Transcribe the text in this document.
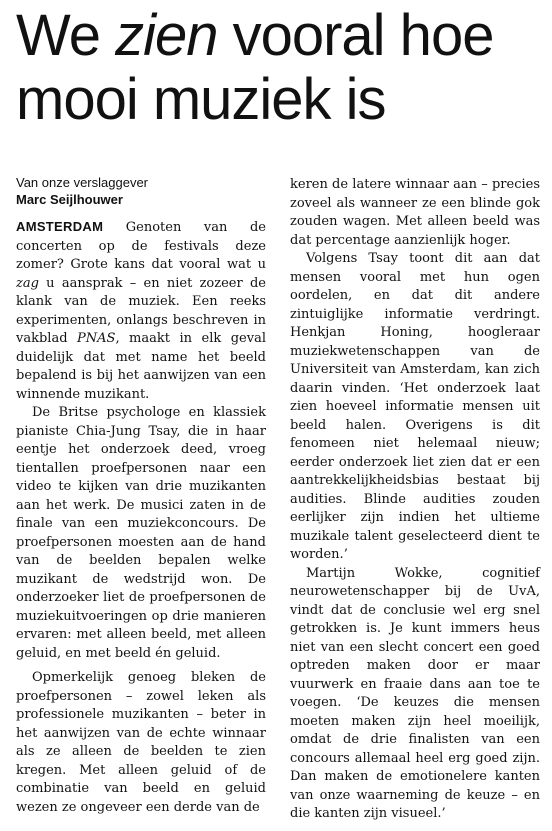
We zien vooral hoe mooi muziek is
Van onze verslaggever
Marc Seijlhouwer

AMSTERDAM Genoten van de concerten op de festivals deze zomer? Grote kans dat vooral wat u zag u aansprak – en niet zozeer de klank van de muziek. Een reeks experimenten, onlangs beschreven in vakblad PNAS, maakt in elk geval duidelijk dat met name het beeld bepalend is bij het aanwijzen van een winnende muzikant.

De Britse psychologe en klassiek pianiste Chia-Jung Tsay, die in haar eentje het onderzoek deed, vroeg tientallen proefpersonen naar een video te kijken van drie muzikanten aan het werk. De musici zaten in de finale van een muziekconcours. De proefpersonen moesten aan de hand van de beelden bepalen welke muzikant de wedstrijd won. De onderzoeker liet de proefpersonen de muziekuitvoeringen op drie manieren ervaren: met alleen beeld, met alleen geluid, en met beeld én geluid.

Opmerkelijk genoeg bleken de proefpersonen – zowel leken als professionele muzikanten – beter in het aanwijzen van de echte winnaar als ze alleen de beelden te zien kregen. Met alleen geluid of de combinatie van beeld en geluid wezen ze ongeveer een derde van de

keren de latere winnaar aan – precies zoveel als wanneer ze een blinde gok zouden wagen. Met alleen beeld was dat percentage aanzienlijk hoger.

Volgens Tsay toont dit aan dat mensen vooral met hun ogen oordelen, en dat dit andere zintuiglijke informatie verdringt. Henkjan Honing, hoogleraar muziekwetenschappen van de Universiteit van Amsterdam, kan zich daarin vinden. ‘Het onderzoek laat zien hoeveel informatie mensen uit beeld halen. Overigens is dit fenomeen niet helemaal nieuw; eerder onderzoek liet zien dat er een aantrekkelijkheidsbias bestaat bij audities. Blinde audities zouden eerlijker zijn indien het ultieme muzikale talent geselecteerd dient te worden.’

Martijn Wokke, cognitief neurowetenschapper bij de UvA, vindt dat de conclusie wel erg snel getrokken is. Je kunt immers heus niet van een slecht concert een goed optreden maken door er maar vuurwerk en fraaie dans aan toe te voegen. ‘De keuzes die mensen moeten maken zijn heel moeilijk, omdat de drie finalisten van een concours allemaal heel erg goed zijn. Dan maken de emotionelere kanten van onze waarneming de keuze – en die kanten zijn visueel.’
